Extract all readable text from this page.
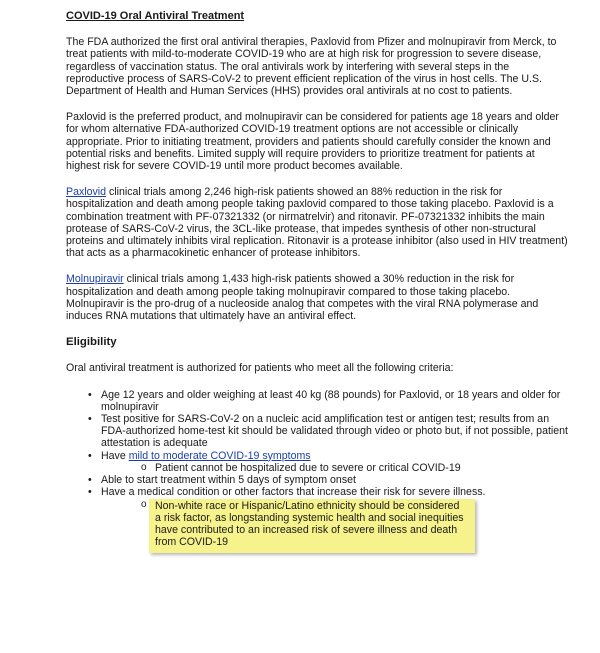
COVID-19 Oral Antiviral Treatment

The FDA authorized the first oral antiviral therapies, Paxlovid from Pfizer and molnupiravir from Merck, to treat patients with mild-to-moderate COVID-19 who are at high risk for progression to severe disease, regardless of vaccination status. The oral antivirals work by interfering with several steps in the reproductive process of SARS-CoV-2 to prevent efficient replication of the virus in host cells. The U.S. Department of Health and Human Services (HHS) provides oral antivirals at no cost to patients.

Paxlovid is the preferred product, and molnupiravir can be considered for patients age 18 years and older for whom alternative FDA-authorized COVID-19 treatment options are not accessible or clinically appropriate. Prior to initiating treatment, providers and patients should carefully consider the known and potential risks and benefits. Limited supply will require providers to prioritize treatment for patients at highest risk for severe COVID-19 until more product becomes available.

Paxlovid clinical trials among 2,246 high-risk patients showed an 88% reduction in the risk for hospitalization and death among people taking paxlovid compared to those taking placebo. Paxlovid is a combination treatment with PF-07321332 (or nirmatrelvir) and ritonavir. PF-07321332 inhibits the main protease of SARS-CoV-2 virus, the 3CL-like protease, that impedes synthesis of other non-structural proteins and ultimately inhibits viral replication. Ritonavir is a protease inhibitor (also used in HIV treatment) that acts as a pharmacokinetic enhancer of protease inhibitors.

Molnupiravir clinical trials among 1,433 high-risk patients showed a 30% reduction in the risk for hospitalization and death among people taking molnupiravir compared to those taking placebo. Molnupiravir is the pro-drug of a nucleoside analog that competes with the viral RNA polymerase and induces RNA mutations that ultimately have an antiviral effect.

Eligibility

Oral antiviral treatment is authorized for patients who meet all the following criteria:

• Age 12 years and older weighing at least 40 kg (88 pounds) for Paxlovid, or 18 years and older for molnupiravir
• Test positive for SARS-CoV-2 on a nucleic acid amplification test or antigen test; results from an FDA-authorized home-test kit should be validated through video or photo but, if not possible, patient attestation is adequate
• Have mild to moderate COVID-19 symptoms
o Patient cannot be hospitalized due to severe or critical COVID-19
• Able to start treatment within 5 days of symptom onset
• Have a medical condition or other factors that increase their risk for severe illness.
o Non-white race or Hispanic/Latino ethnicity should be considered a risk factor, as longstanding systemic health and social inequities have contributed to an increased risk of severe illness and death from COVID-19
